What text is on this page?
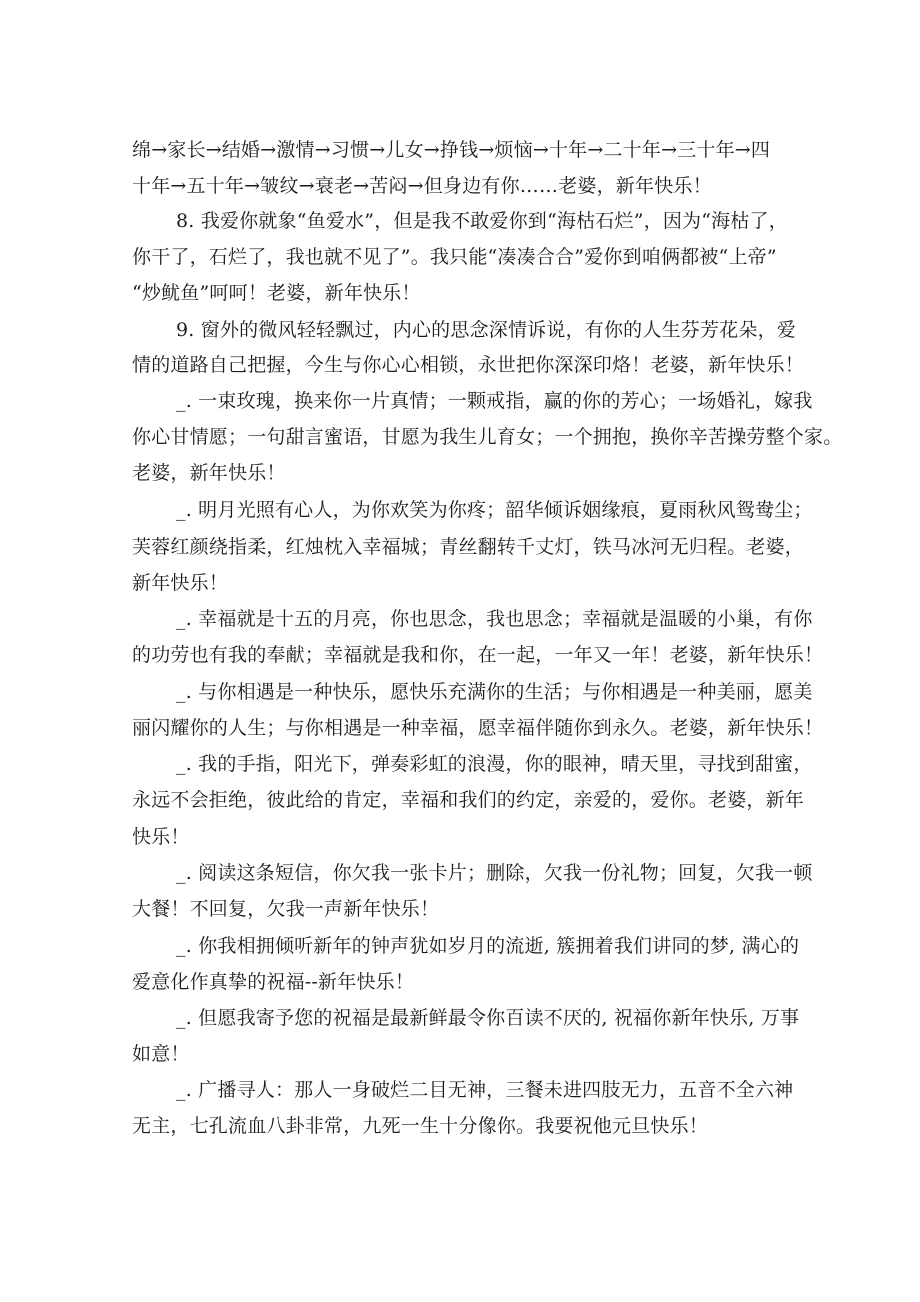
绵→家长→结婚→激情→习惯→儿女→挣钱→烦恼→十年→二十年→三十年→四
十年→五十年→皱纹→衰老→苦闷→但身边有你……老婆，新年快乐！
8. 我爱你就象“鱼爱水”，但是我不敢爱你到“海枯石烂”，因为“海枯了，
你干了，石烂了，我也就不见了”。我只能“凑凑合合”爱你到咱俩都被“上帝”
“炒鱿鱼”呵呵！老婆，新年快乐！
9. 窗外的微风轻轻飘过，内心的思念深情诉说，有你的人生芬芳花朵，爱
情的道路自己把握，今生与你心心相锁，永世把你深深印烙！老婆，新年快乐！
_. 一束玫瑰，换来你一片真情；一颗戒指，赢的你的芳心；一场婚礼，嫁我
你心甘情愿；一句甜言蜜语，甘愿为我生儿育女；一个拥抱，换你辛苦操劳整个家。
老婆，新年快乐！
_. 明月光照有心人，为你欢笑为你疼；韶华倾诉姻缘痕，夏雨秋风鸳鸯尘；
芙蓉红颜绕指柔，红烛枕入幸福城；青丝翻转千丈灯，铁马冰河无归程。老婆，
新年快乐！
_. 幸福就是十五的月亮，你也思念，我也思念；幸福就是温暖的小巢，有你
的功劳也有我的奉献；幸福就是我和你，在一起，一年又一年！老婆，新年快乐！
_. 与你相遇是一种快乐，愿快乐充满你的生活；与你相遇是一种美丽，愿美
丽闪耀你的人生；与你相遇是一种幸福，愿幸福伴随你到永久。老婆，新年快乐！
_. 我的手指，阳光下，弹奏彩虹的浪漫，你的眼神，晴天里，寻找到甜蜜，
永远不会拒绝，彼此给的肯定，幸福和我们的约定，亲爱的，爱你。老婆，新年
快乐！
_. 阅读这条短信，你欠我一张卡片；删除，欠我一份礼物；回复，欠我一顿
大餐！不回复，欠我一声新年快乐！
_. 你我相拥倾听新年的钟声犹如岁月的流逝, 簇拥着我们讲同的梦, 满心的
爱意化作真挚的祝福--新年快乐！
_. 但愿我寄予您的祝福是最新鲜最令你百读不厌的, 祝福你新年快乐, 万事
如意！
_. 广播寻人：那人一身破烂二目无神，三餐未进四肢无力，五音不全六神
无主，七孔流血八卦非常，九死一生十分像你。我要祝他元旦快乐！
